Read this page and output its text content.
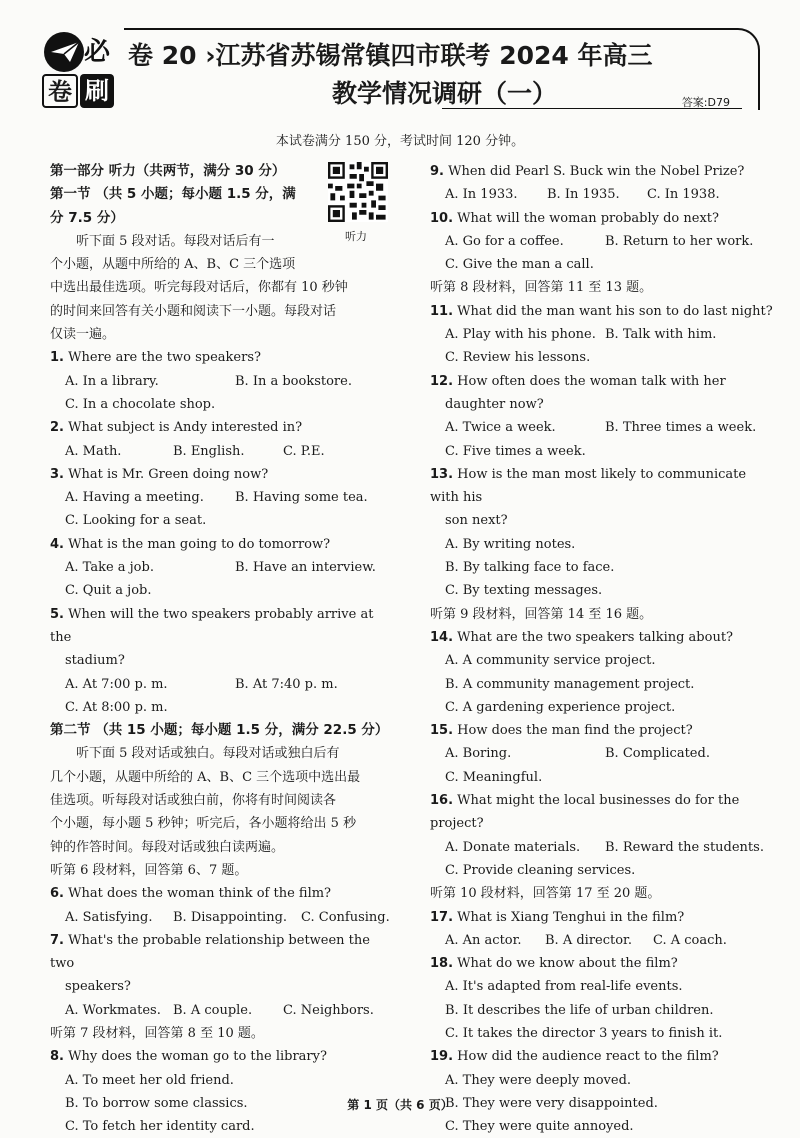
必
卷 刷
卷 20 ›江苏省苏锡常镇四市联考 2024 年高三
教学情况调研（一）	答案:D79
本试卷满分 150 分，考试时间 120 分钟。
听力

第一部分 听力（共两节，满分 30 分）

第一节 （共 5 小题；每小题 1.5 分，满

分 7.5 分）

听下面 5 段对话。每段对话后有一

个小题，从题中所给的 A、B、C 三个选项

中选出最佳选项。听完每段对话后，你都有 10 秒钟

的时间来回答有关小题和阅读下一小题。每段对话

仅读一遍。

1. Where are the two speakers?

A. In a library.	B. In a bookstore.

C. In a chocolate shop.

2. What subject is Andy interested in?

A. Math.	B. English.	C. P.E.

3. What is Mr. Green doing now?

A. Having a meeting. B. Having some tea.

C. Looking for a seat.

4. What is the man going to do tomorrow?

A. Take a job.	B. Have an interview.

C. Quit a job.

5. When will the two speakers probably arrive at the

stadium?

A. At 7:00 p. m.	B. At 7:40 p. m.

C. At 8:00 p. m.

第二节 （共 15 小题；每小题 1.5 分，满分 22.5 分）

听下面 5 段对话或独白。每段对话或独白后有

几个小题，从题中所给的 A、B、C 三个选项中选出最

佳选项。听每段对话或独白前，你将有时间阅读各

个小题，每小题 5 秒钟；听完后，各小题将给出 5 秒

钟的作答时间。每段对话或独白读两遍。

听第 6 段材料，回答第 6、7 题。

6. What does the woman think of the film?

A. Satisfying. B. Disappointing. C. Confusing.

7. What's the probable relationship between the two

speakers?

A. Workmates. B. A couple. C. Neighbors.

听第 7 段材料，回答第 8 至 10 题。

8. Why does the woman go to the library?

A. To meet her old friend.

B. To borrow some classics.

C. To fetch her identity card.

9. When did Pearl S. Buck win the Nobel Prize?

A. In 1933. B. In 1935. C. In 1938.

10. What will the woman probably do next?

A. Go for a coffee.	B. Return to her work.

C. Give the man a call.

听第 8 段材料，回答第 11 至 13 题。

11. What did the man want his son to do last night?

A. Play with his phone. B. Talk with him.

C. Review his lessons.

12. How often does the woman talk with her

daughter now?

A. Twice a week.	B. Three times a week.

C. Five times a week.

13. How is the man most likely to communicate with his

son next?

A. By writing notes.

B. By talking face to face.

C. By texting messages.

听第 9 段材料，回答第 14 至 16 题。

14. What are the two speakers talking about?

A. A community service project.

B. A community management project.

C. A gardening experience project.

15. How does the man find the project?

A. Boring.	B. Complicated.

C. Meaningful.

16. What might the local businesses do for the project?

A. Donate materials. B. Reward the students.

C. Provide cleaning services.

听第 10 段材料，回答第 17 至 20 题。

17. What is Xiang Tenghui in the film?

A. An actor. B. A director. C. A coach.

18. What do we know about the film?

A. It's adapted from real-life events.

B. It describes the life of urban children.

C. It takes the director 3 years to finish it.

19. How did the audience react to the film?

A. They were deeply moved.

B. They were very disappointed.

C. They were quite annoyed.

第 1 页（共 6 页）
